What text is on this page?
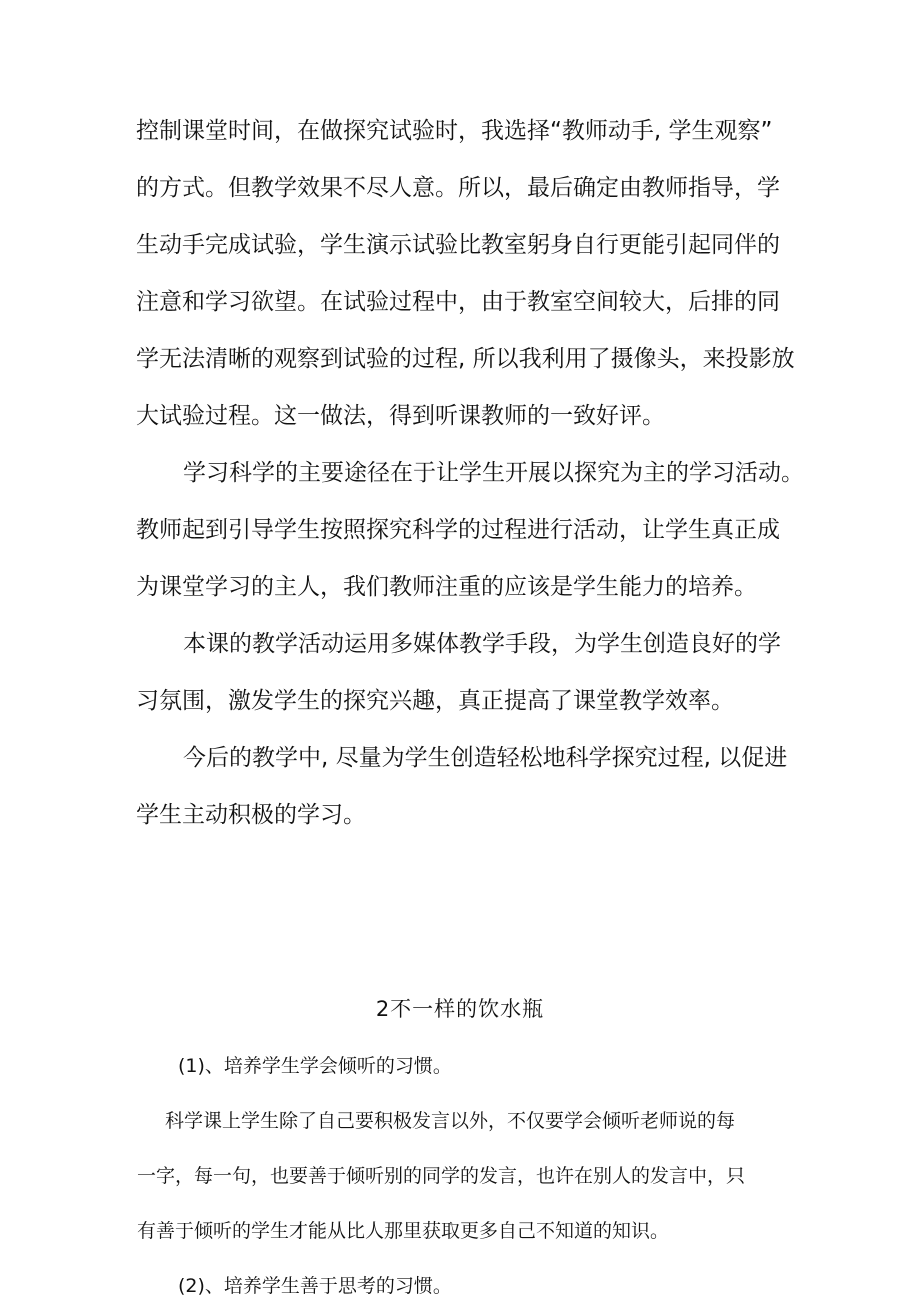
控制课堂时间，在做探究试验时，我选择“教师动手, 学生观察”
的方式。但教学效果不尽人意。所以，最后确定由教师指导，学
生动手完成试验，学生演示试验比教室躬身自行更能引起同伴的
注意和学习欲望。在试验过程中，由于教室空间较大，后排的同
学无法清晰的观察到试验的过程, 所以我利用了摄像头，来投影放
大试验过程。这一做法，得到听课教师的一致好评。
学习科学的主要途径在于让学生开展以探究为主的学习活动。
教师起到引导学生按照探究科学的过程进行活动，让学生真正成
为课堂学习的主人，我们教师注重的应该是学生能力的培养。
本课的教学活动运用多媒体教学手段，为学生创造良好的学
习氛围，激发学生的探究兴趣，真正提高了课堂教学效率。
今后的教学中, 尽量为学生创造轻松地科学探究过程, 以促进
学生主动积极的学习。
2不一样的饮水瓶
(1)、培养学生学会倾听的习惯。
科学课上学生除了自己要积极发言以外，不仅要学会倾听老师说的每
一字，每一句，也要善于倾听别的同学的发言，也许在别人的发言中，只
有善于倾听的学生才能从比人那里获取更多自己不知道的知识。
(2)、培养学生善于思考的习惯。
